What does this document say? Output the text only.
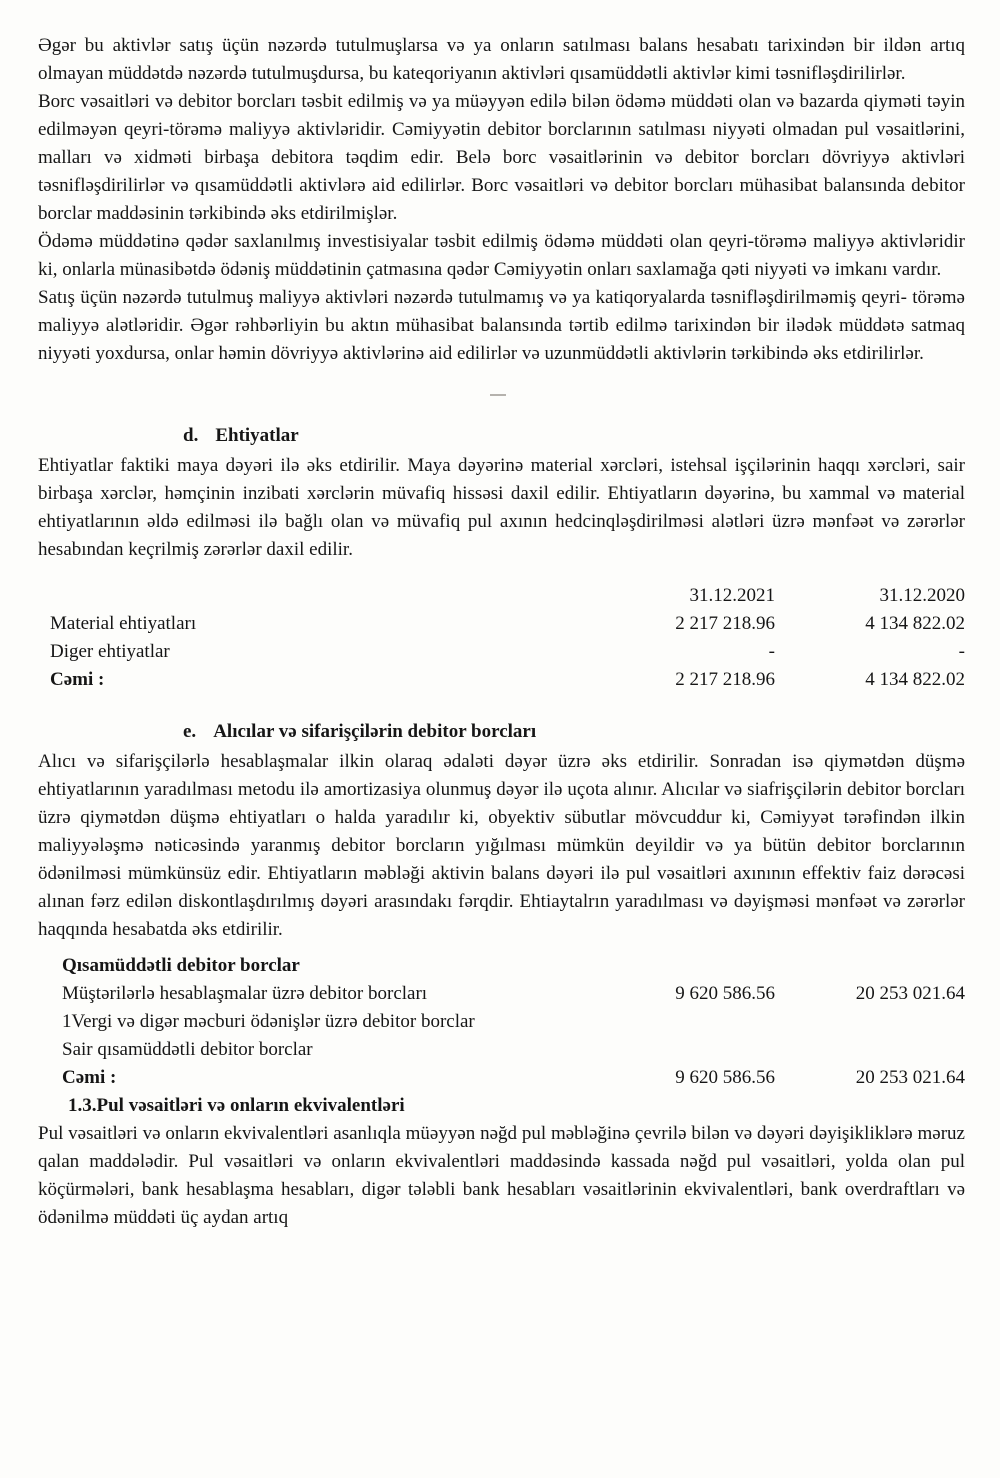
Əgər bu aktivlər satış üçün nəzərdə tutulmuşlarsa və ya onların satılması balans hesabatı tarixindən bir ildən artıq olmayan müddətdə nəzərdə tutulmuşdursa, bu kateqoriyanın aktivləri qısamüddətli aktivlər kimi təsnifləşdirilirlər.

Borc vəsaitləri və debitor borcları təsbit edilmiş və ya müəyyən edilə bilən ödəmə müddəti olan və bazarda qiyməti təyin edilməyən qeyri-törəmə maliyyə aktivləridir. Cəmiyyətin debitor borclarının satılması niyyəti olmadan pul vəsaitlərini, malları və xidməti birbaşa debitora təqdim edir. Belə borc vəsaitlərinin və debitor borcları dövriyyə aktivləri təsnifləşdirilirlər və qısamüddətli aktivlərə aid edilirlər. Borc vəsaitləri və debitor borcları mühasibat balansında debitor borclar maddəsinin tərkibində əks etdirilmişlər.

Ödəmə müddətinə qədər saxlanılmış investisiyalar təsbit edilmiş ödəmə müddəti olan qeyri-törəmə maliyyə aktivləridir ki, onlarla münasibətdə ödəniş müddətinin çatmasına qədər Cəmiyyətin onları saxlamağa qəti niyyəti və imkanı vardır.

Satış üçün nəzərdə tutulmuş maliyyə aktivləri nəzərdə tutulmamış və ya katiqoryalarda təsnifləşdirilməmiş qeyri- törəmə maliyyə alətləridir. Əgər rəhbərliyin bu aktın mühasibat balansında tərtib edilmə tarixindən bir ilədək müddətə satmaq niyyəti yoxdursa, onlar həmin dövriyyə aktivlərinə aid edilirlər və uzunmüddətli aktivlərin tərkibində əks etdirilirlər.

d. Ehtiyatlar

Ehtiyatlar faktiki maya dəyəri ilə əks etdirilir. Maya dəyərinə material xərcləri, istehsal işçilərinin haqqı xərcləri, sair birbaşa xərclər, həmçinin inzibati xərclərin müvafiq hissəsi daxil edilir. Ehtiyatların dəyərinə, bu xammal və material ehtiyatlarının əldə edilməsi ilə bağlı olan və müvafiq pul axının hedcinqləşdirilməsi alətləri üzrə mənfəət və zərərlər hesabından keçrilmiş zərərlər daxil edilir.

31.12.2021	31.12.2020
Material ehtiyatları	2 217 218.96	4 134 822.02
Diger ehtiyatlar	-	-
Cəmi :	2 217 218.96	4 134 822.02
e. Alıcılar və sifarişçilərin debitor borcları

Alıcı və sifarişçilərlə hesablaşmalar ilkin olaraq ədaləti dəyər üzrə əks etdirilir. Sonradan isə qiymətdən düşmə ehtiyatlarının yaradılması metodu ilə amortizasiya olunmuş dəyər ilə uçota alınır. Alıcılar və siafrişçilərin debitor borcları üzrə qiymətdən düşmə ehtiyatları o halda yaradılır ki, obyektiv sübutlar mövcuddur ki, Cəmiyyət tərəfindən ilkin maliyyələşmə nəticəsində yaranmış debitor borcların yığılması mümkün deyildir və ya bütün debitor borclarının ödənilməsi mümkünsüz edir. Ehtiyatların məbləği aktivin balans dəyəri ilə pul vəsaitləri axınının effektiv faiz dərəcəsi alınan fərz edilən diskontlaşdırılmış dəyəri arasındakı fərqdir. Ehtiaytalrın yaradılması və dəyişməsi mənfəət və zərərlər haqqında hesabatda əks etdirilir.

Qısamüddətli debitor borclar
Müştərilərlə hesablaşmalar üzrə debitor borcları	9 620 586.56	20 253 021.64
1Vergi və digər məcburi ödənişlər üzrə debitor borclar
Sair qısamüddətli debitor borclar
Cəmi :	9 620 586.56	20 253 021.64
1.3.Pul vəsaitləri və onların ekvivalentləri

Pul vəsaitləri və onların ekvivalentləri asanlıqla müəyyən nəğd pul məbləğinə çevrilə bilən və dəyəri dəyişikliklərə məruz qalan maddələdir. Pul vəsaitləri və onların ekvivalentləri maddəsində kassada nəğd pul vəsaitləri, yolda olan pul köçürmələri, bank hesablaşma hesabları, digər tələbli bank hesabları vəsaitlərinin ekvivalentləri, bank overdraftları və ödənilmə müddəti üç aydan artıq
